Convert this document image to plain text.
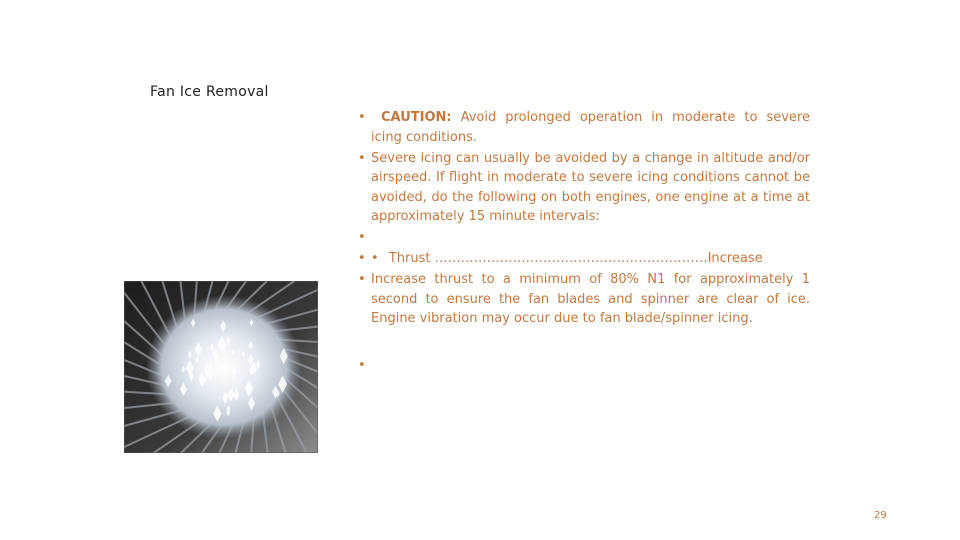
Fan Ice Removal
• CAUTION: Avoid prolonged operation in moderate to severe icing conditions.
• Severe icing can usually be avoided by a change in altitude and/or airspeed. If flight in moderate to severe icing conditions cannot be avoided, do the following on both engines, one engine at a time at approximately 15 minute intervals:
•
• • Thrust ………………………………………………………Increase
• Increase thrust to a minimum of 80% N1 for approximately 1 second to ensure the fan blades and spinner are clear of ice. Engine vibration may occur due to fan blade/spinner icing.
•
29
